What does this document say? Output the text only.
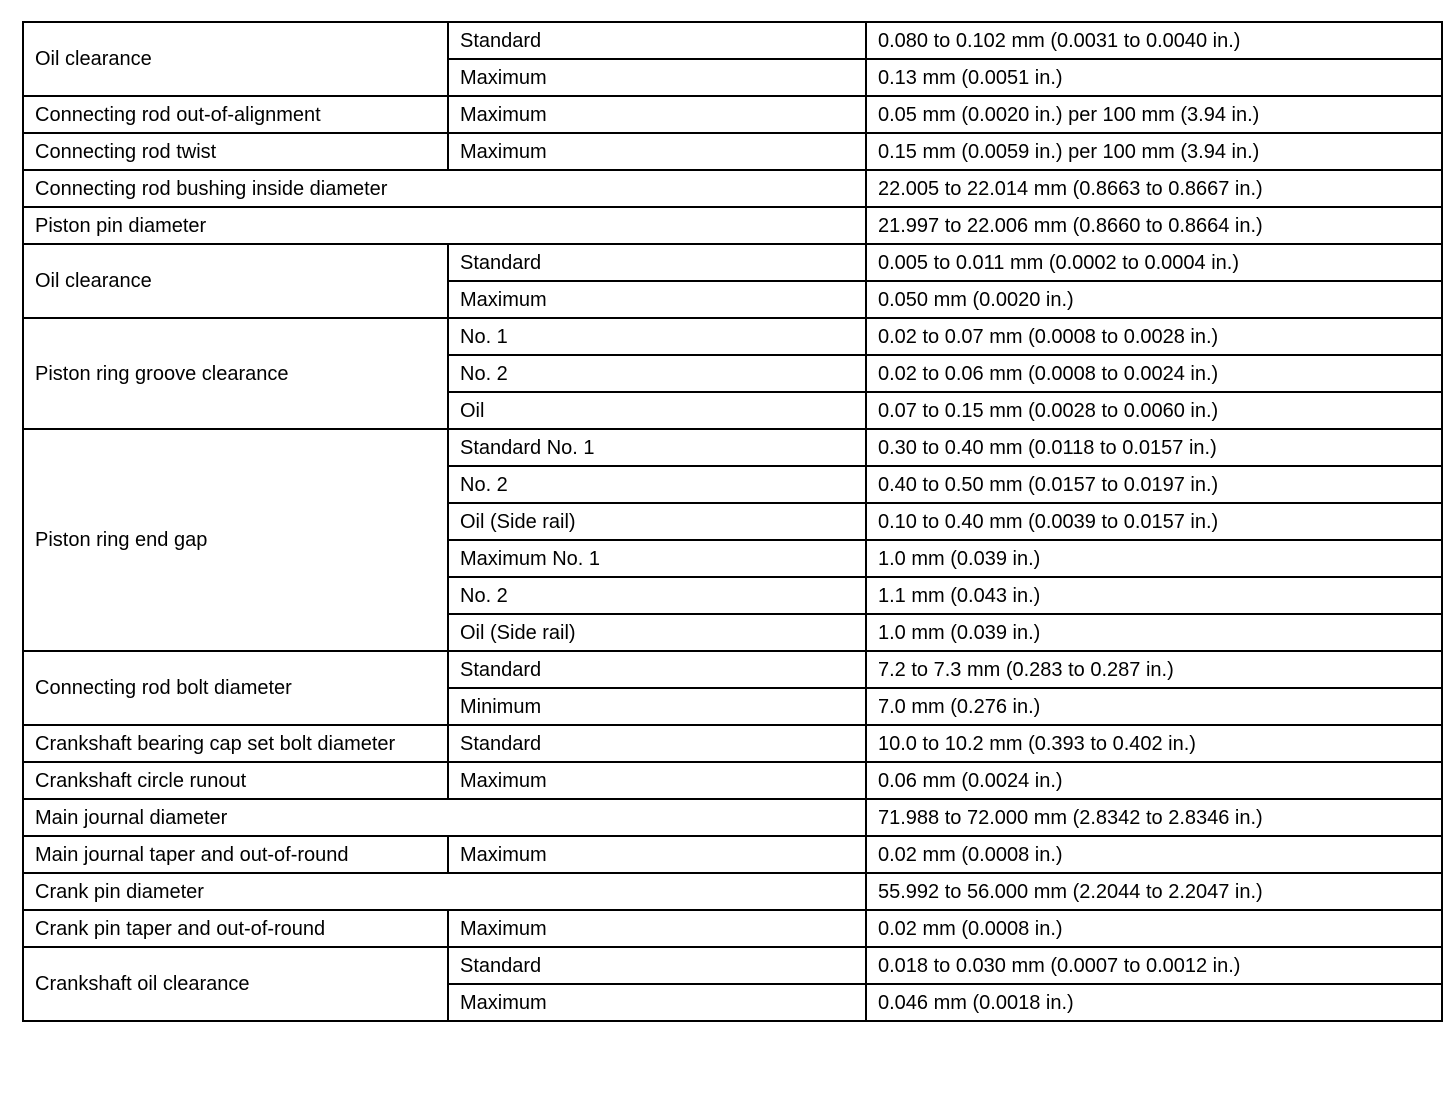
Oil clearance	Standard	0.080 to 0.102 mm (0.0031 to 0.0040 in.)
	Maximum	0.13 mm (0.0051 in.)
Connecting rod out-of-alignment	Maximum	0.05 mm (0.0020 in.) per 100 mm (3.94 in.)
Connecting rod twist	Maximum	0.15 mm (0.0059 in.) per 100 mm (3.94 in.)
Connecting rod bushing inside diameter		22.005 to 22.014 mm (0.8663 to 0.8667 in.)
Piston pin diameter		21.997 to 22.006 mm (0.8660 to 0.8664 in.)
Oil clearance	Standard	0.005 to 0.011 mm (0.0002 to 0.0004 in.)
	Maximum	0.050 mm (0.0020 in.)
Piston ring groove clearance	No. 1	0.02 to 0.07 mm (0.0008 to 0.0028 in.)
	No. 2	0.02 to 0.06 mm (0.0008 to 0.0024 in.)
	Oil	0.07 to 0.15 mm (0.0028 to 0.0060 in.)
Piston ring end gap	Standard No. 1	0.30 to 0.40 mm (0.0118 to 0.0157 in.)
	No. 2	0.40 to 0.50 mm (0.0157 to 0.0197 in.)
	Oil (Side rail)	0.10 to 0.40 mm (0.0039 to 0.0157 in.)
	Maximum No. 1	1.0 mm (0.039 in.)
	No. 2	1.1 mm (0.043 in.)
	Oil (Side rail)	1.0 mm (0.039 in.)
Connecting rod bolt diameter	Standard	7.2 to 7.3 mm (0.283 to 0.287 in.)
	Minimum	7.0 mm (0.276 in.)
Crankshaft bearing cap set bolt diameter	Standard	10.0 to 10.2 mm (0.393 to 0.402 in.)
Crankshaft circle runout	Maximum	0.06 mm (0.0024 in.)
Main journal diameter		71.988 to 72.000 mm (2.8342 to 2.8346 in.)
Main journal taper and out-of-round	Maximum	0.02 mm (0.0008 in.)
Crank pin diameter		55.992 to 56.000 mm (2.2044 to 2.2047 in.)
Crank pin taper and out-of-round	Maximum	0.02 mm (0.0008 in.)
Crankshaft oil clearance	Standard	0.018 to 0.030 mm (0.0007 to 0.0012 in.)
	Maximum	0.046 mm (0.0018 in.)
